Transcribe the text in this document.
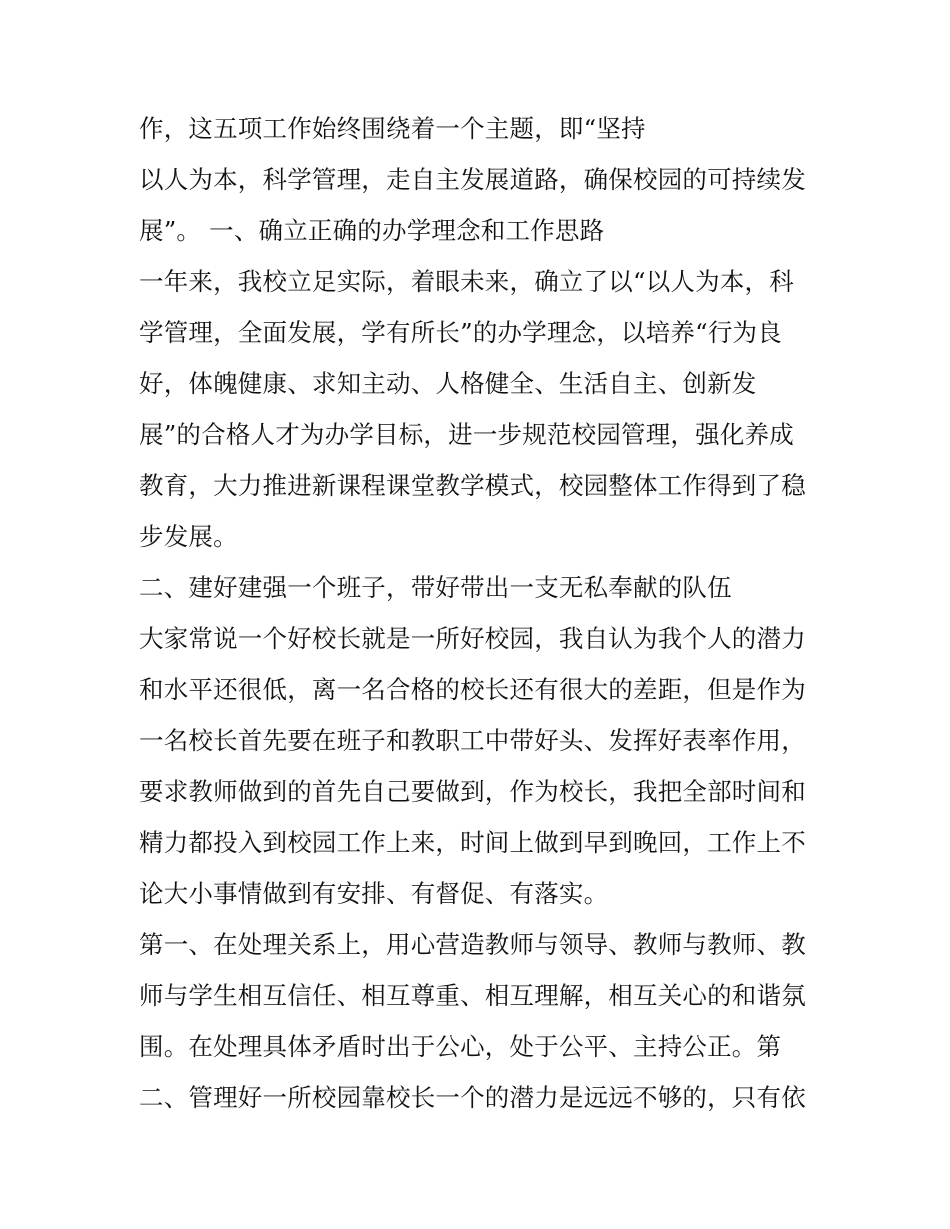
作，这五项工作始终围绕着一个主题，即“坚持
以人为本，科学管理，走自主发展道路，确保校园的可持续发
展”。 一、确立正确的办学理念和工作思路
一年来，我校立足实际，着眼未来，确立了以“以人为本，科
学管理，全面发展，学有所长”的办学理念，以培养“行为良
好，体魄健康、求知主动、人格健全、生活自主、创新发
展”的合格人才为办学目标，进一步规范校园管理，强化养成
教育，大力推进新课程课堂教学模式，校园整体工作得到了稳
步发展。
二、建好建强一个班子，带好带出一支无私奉献的队伍
大家常说一个好校长就是一所好校园，我自认为我个人的潜力
和水平还很低，离一名合格的校长还有很大的差距，但是作为
一名校长首先要在班子和教职工中带好头、发挥好表率作用，
要求教师做到的首先自己要做到，作为校长，我把全部时间和
精力都投入到校园工作上来，时间上做到早到晚回，工作上不
论大小事情做到有安排、有督促、有落实。
第一、在处理关系上，用心营造教师与领导、教师与教师、教
师与学生相互信任、相互尊重、相互理解，相互关心的和谐氛
围。在处理具体矛盾时出于公心，处于公平、主持公正。第
二、管理好一所校园靠校长一个的潜力是远远不够的，只有依
